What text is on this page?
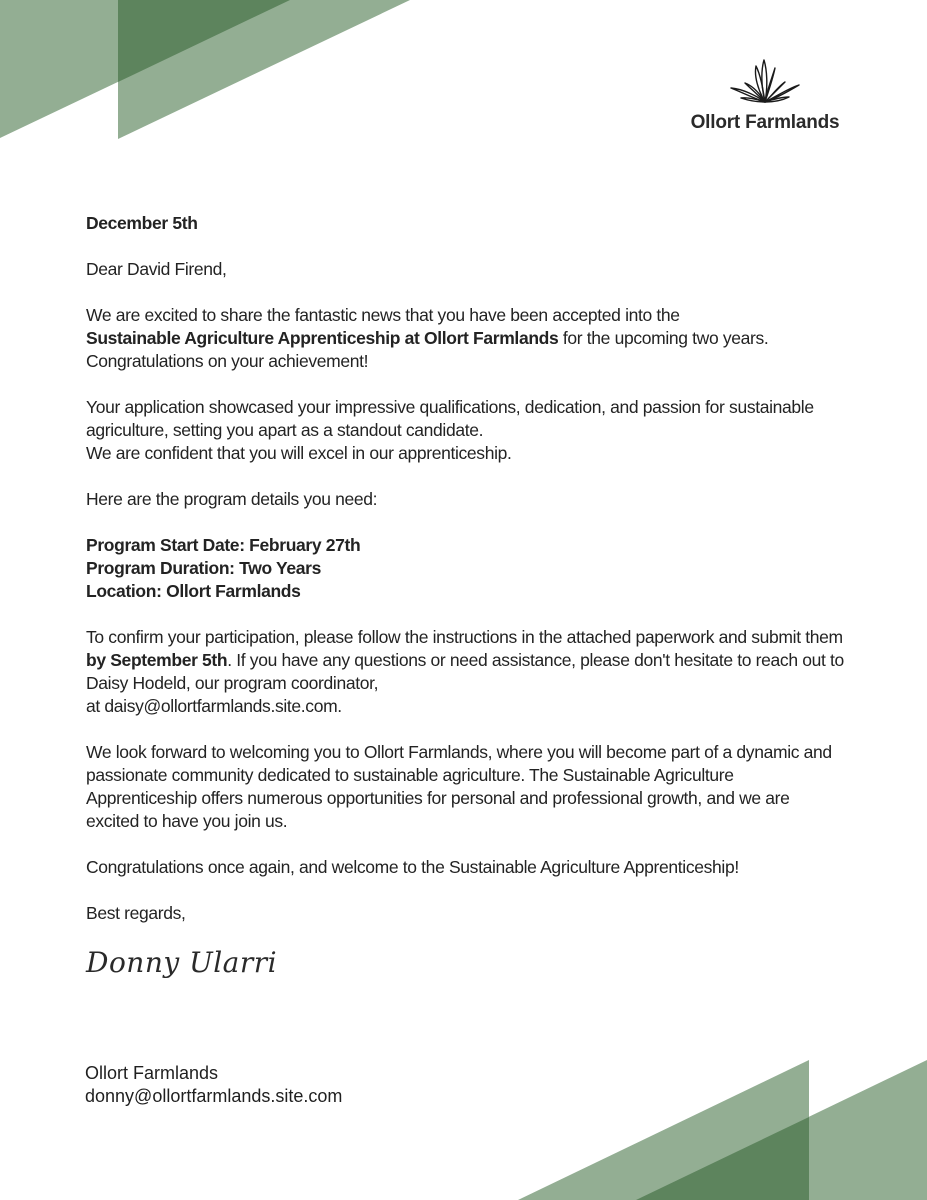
Ollort Farmlands

December 5th

Dear David Firend,

We are excited to share the fantastic news that you have been accepted into the
Sustainable Agriculture Apprenticeship at Ollort Farmlands for the upcoming two years.
Congratulations on your achievement!

Your application showcased your impressive qualifications, dedication, and passion for sustainable agriculture, setting you apart as a standout candidate.
We are confident that you will excel in our apprenticeship.

Here are the program details you need:

Program Start Date: February 27th
Program Duration: Two Years
Location: Ollort Farmlands

To confirm your participation, please follow the instructions in the attached paperwork and submit them by September 5th. If you have any questions or need assistance, please don't hesitate to reach out to Daisy Hodeld, our program coordinator,
at daisy@ollortfarmlands.site.com.

We look forward to welcoming you to Ollort Farmlands, where you will become part of a dynamic and passionate community dedicated to sustainable agriculture. The Sustainable Agriculture Apprenticeship offers numerous opportunities for personal and professional growth, and we are excited to have you join us.

Congratulations once again, and welcome to the Sustainable Agriculture Apprenticeship!

Best regards,

Donny Ularri
Ollort Farmlands
donny@ollortfarmlands.site.com
